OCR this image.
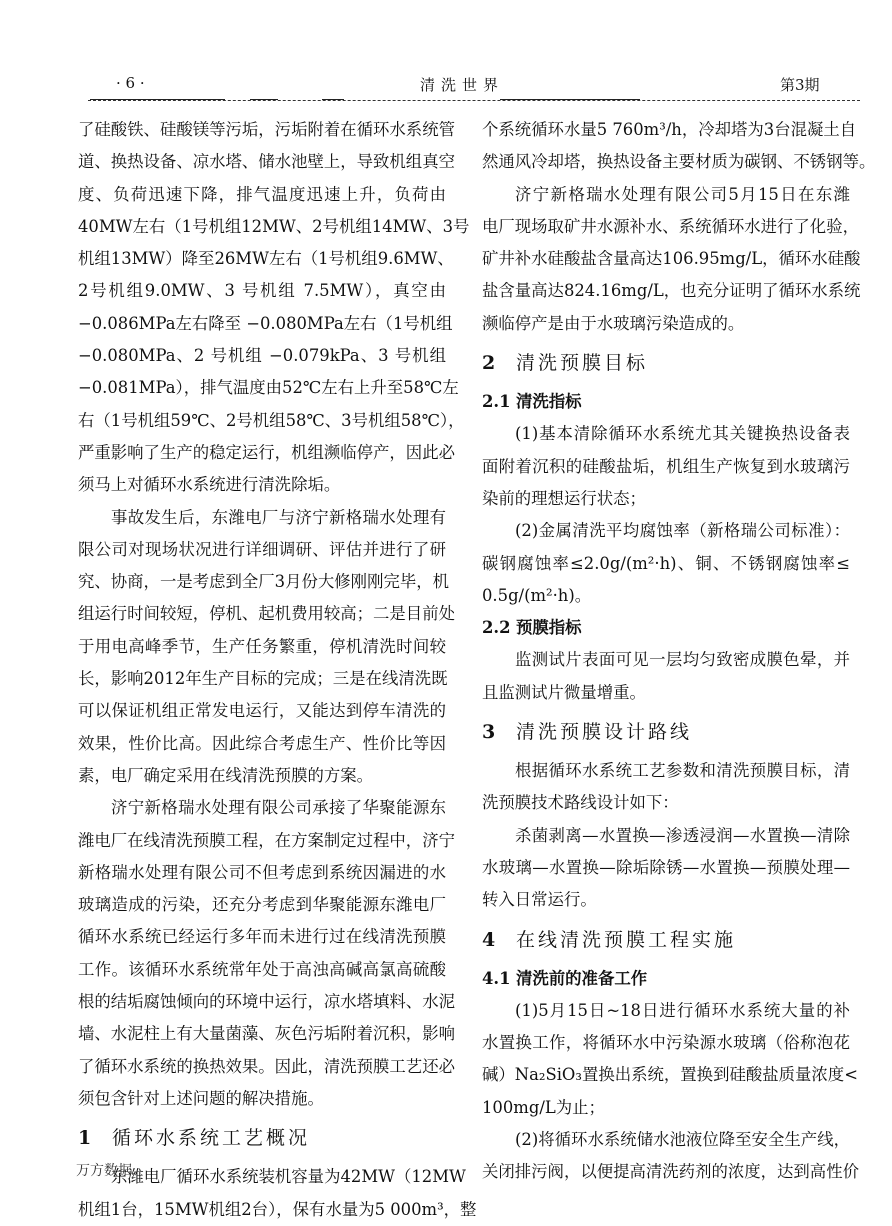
· 6 ·	清洗世界	第3期
了硅酸铁、硅酸镁等污垢，污垢附着在循环水系统管
道、换热设备、凉水塔、储水池壁上，导致机组真空
度、负荷迅速下降，排气温度迅速上升，负荷由
40MW左右（1号机组12MW、2号机组14MW、3号
机组13MW）降至26MW左右（1号机组9.6MW、
2号机组9.0MW、3 号机组 7.5MW），真空由
−0.086MPa左右降至 −0.080MPa左右（1号机组
−0.080MPa、2 号机组 −0.079kPa、3 号机组
−0.081MPa），排气温度由52℃左右上升至58℃左
右（1号机组59℃、2号机组58℃、3号机组58℃），
严重影响了生产的稳定运行，机组濒临停产，因此必
须马上对循环水系统进行清洗除垢。
事故发生后，东潍电厂与济宁新格瑞水处理有
限公司对现场状况进行详细调研、评估并进行了研
究、协商，一是考虑到全厂3月份大修刚刚完毕，机
组运行时间较短，停机、起机费用较高；二是目前处
于用电高峰季节，生产任务繁重，停机清洗时间较
长，影响2012年生产目标的完成；三是在线清洗既
可以保证机组正常发电运行，又能达到停车清洗的
效果，性价比高。因此综合考虑生产、性价比等因
素，电厂确定采用在线清洗预膜的方案。
济宁新格瑞水处理有限公司承接了华聚能源东
潍电厂在线清洗预膜工程，在方案制定过程中，济宁
新格瑞水处理有限公司不但考虑到系统因漏进的水
玻璃造成的污染，还充分考虑到华聚能源东潍电厂
循环水系统已经运行多年而未进行过在线清洗预膜
工作。该循环水系统常年处于高浊高碱高氯高硫酸
根的结垢腐蚀倾向的环境中运行，凉水塔填料、水泥
墙、水泥柱上有大量菌藻、灰色污垢附着沉积，影响
了循环水系统的换热效果。因此，清洗预膜工艺还必
须包含针对上述问题的解决措施。
1 循环水系统工艺概况
东潍电厂循环水系统装机容量为42MW（12MW
机组1台，15MW机组2台），保有水量为5 000m³，整
个系统循环水量5 760m³/h，冷却塔为3台混凝土自
然通风冷却塔，换热设备主要材质为碳钢、不锈钢等。
济宁新格瑞水处理有限公司5月15日在东潍
电厂现场取矿井水源补水、系统循环水进行了化验，
矿井补水硅酸盐含量高达106.95mg/L，循环水硅酸
盐含量高达824.16mg/L，也充分证明了循环水系统
濒临停产是由于水玻璃污染造成的。
2 清洗预膜目标
2.1 清洗指标
(1)基本清除循环水系统尤其关键换热设备表
面附着沉积的硅酸盐垢，机组生产恢复到水玻璃污
染前的理想运行状态；
(2)金属清洗平均腐蚀率（新格瑞公司标准）：
碳钢腐蚀率≤2.0g/(m²·h)、铜、不锈钢腐蚀率≤
0.5g/(m²·h)。
2.2 预膜指标
监测试片表面可见一层均匀致密成膜色晕，并
且监测试片微量增重。
3 清洗预膜设计路线
根据循环水系统工艺参数和清洗预膜目标，清
洗预膜技术路线设计如下：
杀菌剥离—水置换—渗透浸润—水置换—清除
水玻璃—水置换—除垢除锈—水置换—预膜处理—
转入日常运行。
4 在线清洗预膜工程实施
4.1 清洗前的准备工作
(1)5月15日~18日进行循环水系统大量的补
水置换工作，将循环水中污染源水玻璃（俗称泡花
碱）Na₂SiO₃置换出系统，置换到硅酸盐质量浓度<
100mg/L为止；
(2)将循环水系统储水池液位降至安全生产线，
关闭排污阀，以便提高清洗药剂的浓度，达到高性价
万方数据
